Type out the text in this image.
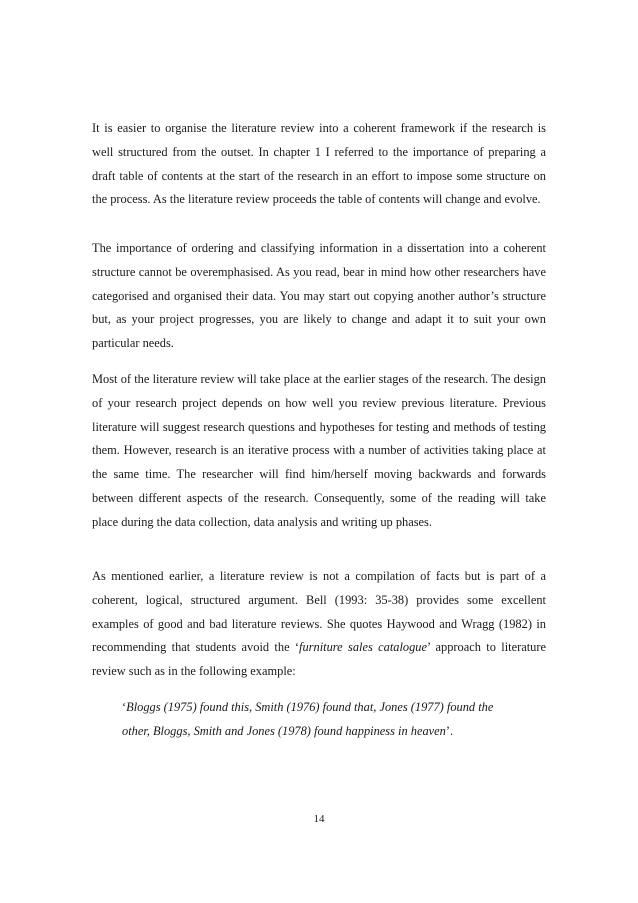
It is easier to organise the literature review into a coherent framework if the research is well structured from the outset. In chapter 1 I referred to the importance of preparing a draft table of contents at the start of the research in an effort to impose some structure on the process. As the literature review proceeds the table of contents will change and evolve.

The importance of ordering and classifying information in a dissertation into a coherent structure cannot be overemphasised. As you read, bear in mind how other researchers have categorised and organised their data. You may start out copying another author’s structure but, as your project progresses, you are likely to change and adapt it to suit your own particular needs.

Most of the literature review will take place at the earlier stages of the research. The design of your research project depends on how well you review previous literature. Previous literature will suggest research questions and hypotheses for testing and methods of testing them. However, research is an iterative process with a number of activities taking place at the same time. The researcher will find him/herself moving backwards and forwards between different aspects of the research. Consequently, some of the reading will take place during the data collection, data analysis and writing up phases.

As mentioned earlier, a literature review is not a compilation of facts but is part of a coherent, logical, structured argument. Bell (1993: 35-38) provides some excellent examples of good and bad literature reviews. She quotes Haywood and Wragg (1982) in recommending that students avoid the ‘furniture sales catalogue’ approach to literature review such as in the following example:

‘Bloggs (1975) found this, Smith (1976) found that, Jones (1977) found the
other, Bloggs, Smith and Jones (1978) found happiness in heaven’.

14
